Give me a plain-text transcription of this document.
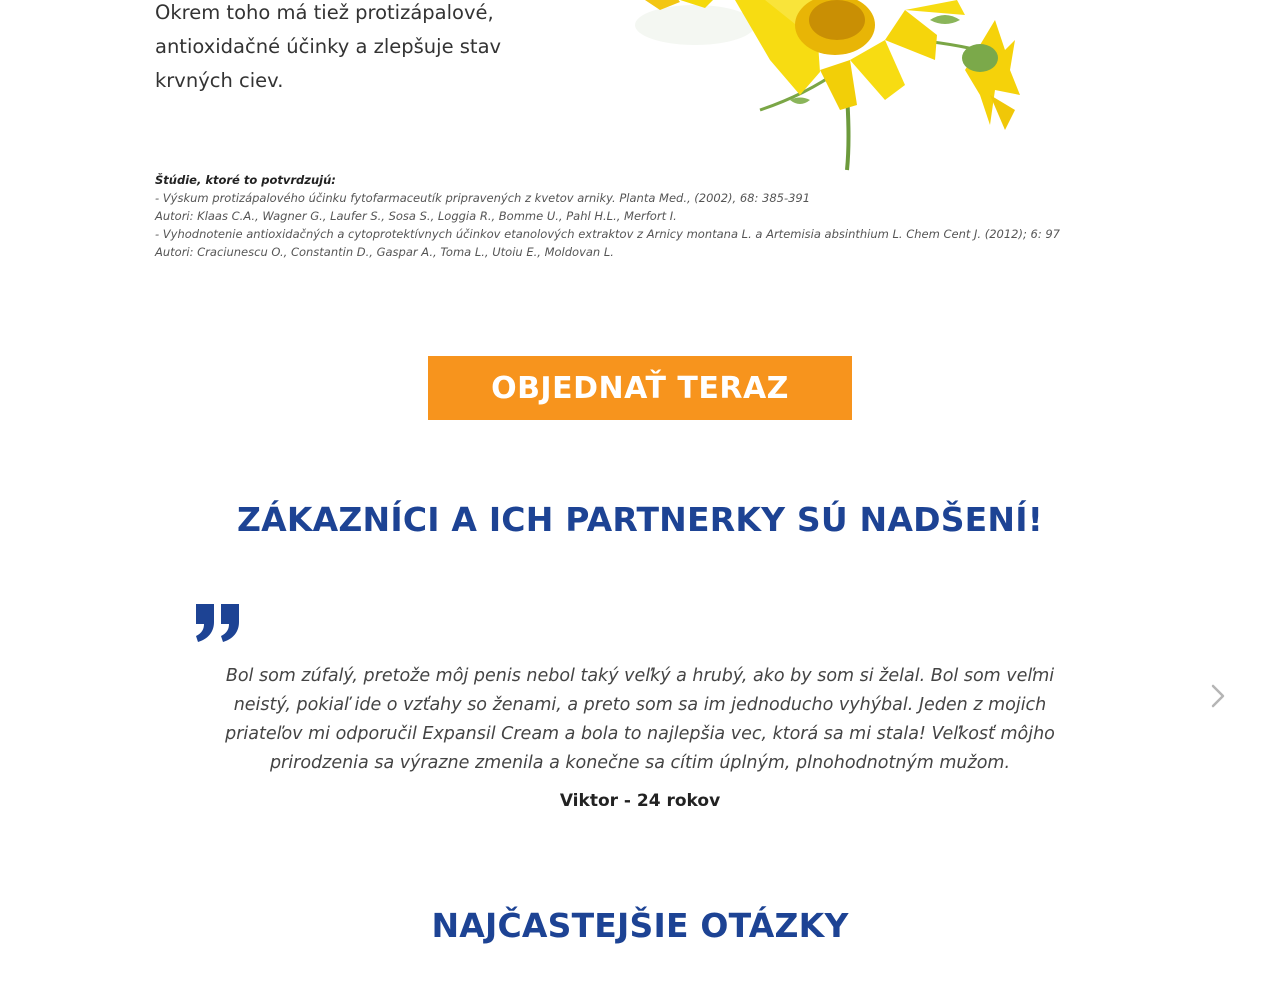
Okrem toho má tiež protizápalové,
antioxidačné účinky a zlepšuje stav
krvných ciev.
Štúdie, ktoré to potvrdzujú:
- Výskum protizápalového účinku fytofarmaceutík pripravených z kvetov arniky. Planta Med., (2002), 68: 385-391
Autori: Klaas C.A., Wagner G., Laufer S., Sosa S., Loggia R., Bomme U., Pahl H.L., Merfort I.
- Vyhodnotenie antioxidačných a cytoprotektívnych účinkov etanolových extraktov z Arnicy montana L. a Artemisia absinthium L. Chem Cent J. (2012); 6: 97
Autori: Craciunescu O., Constantin D., Gaspar A., Toma L., Utoiu E., Moldovan L.
OBJEDNAŤ TERAZ
ZÁKAZNÍCI A ICH PARTNERKY SÚ NADŠENÍ!
Bol som zúfalý, pretože môj penis nebol taký veľký a hrubý, ako by som si želal. Bol som veľmi
neistý, pokiaľ ide o vzťahy so ženami, a preto som sa im jednoducho vyhýbal. Jeden z mojich
priateľov mi odporučil Expansil Cream a bola to najlepšia vec, ktorá sa mi stala! Veľkosť môjho
prirodzenia sa výrazne zmenila a konečne sa cítim úplným, plnohodnotným mužom.
Viktor - 24 rokov
NAJČASTEJŠIE OTÁZKY
